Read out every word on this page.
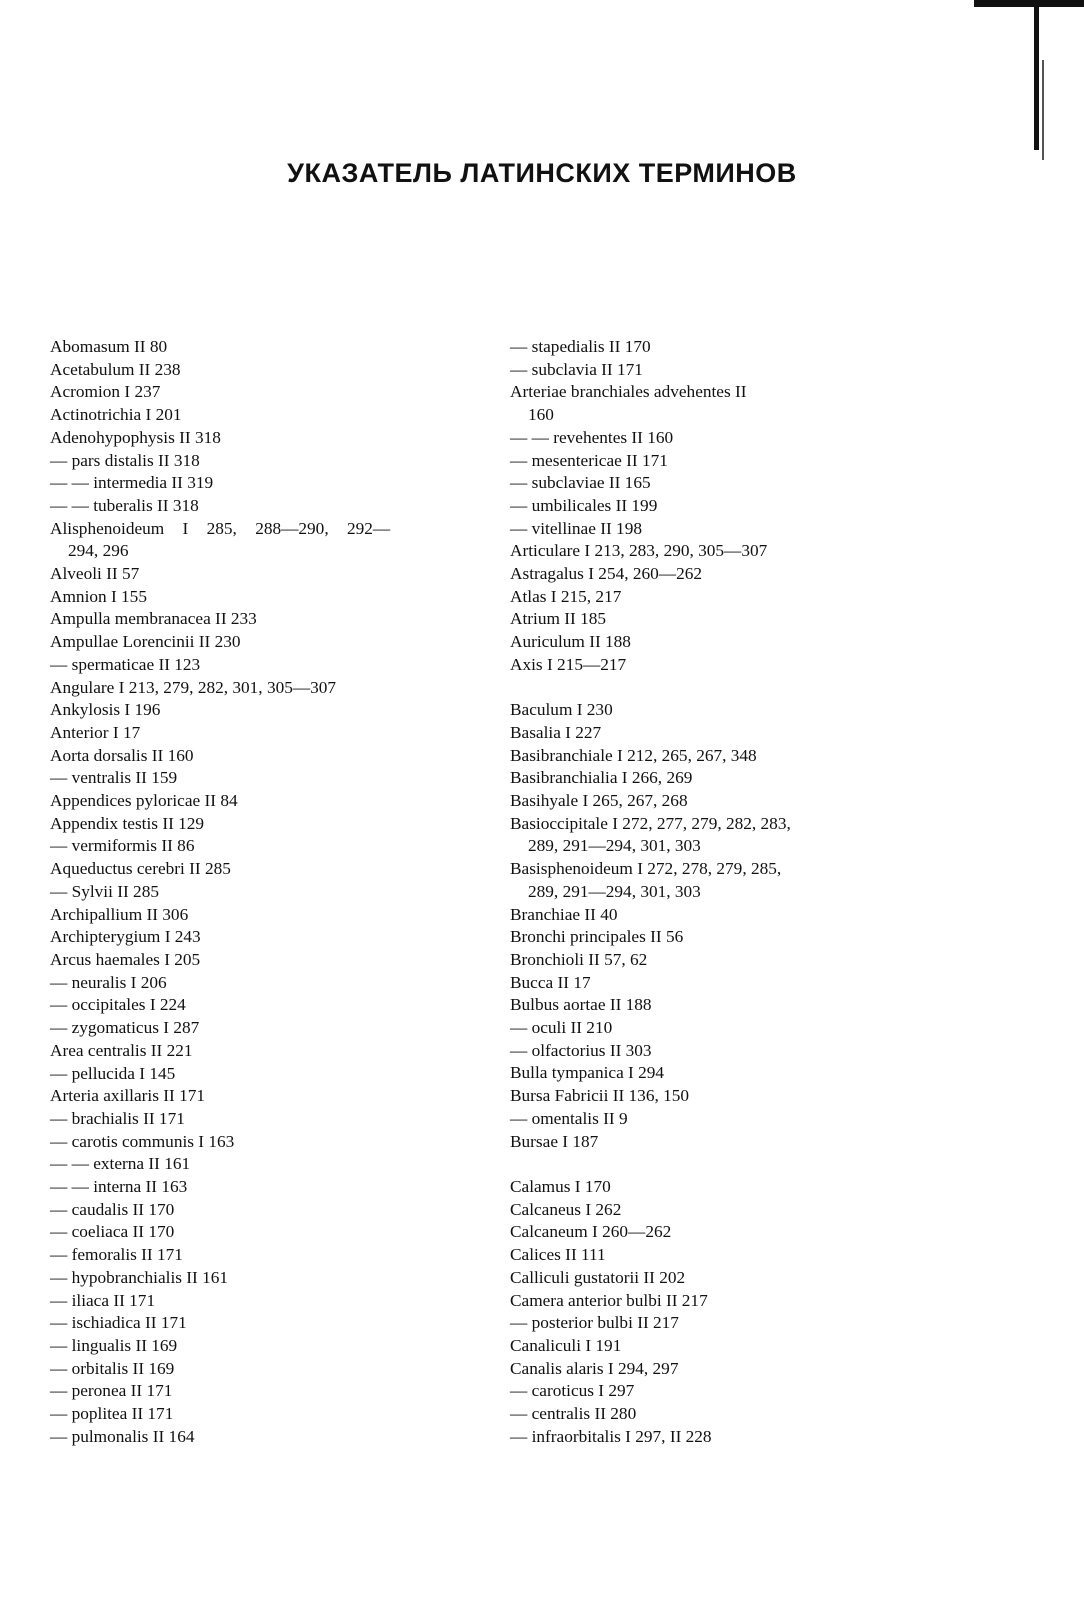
УКАЗАТЕЛЬ ЛАТИНСКИХ ТЕРМИНОВ
Abomasum II 80
Acetabulum II 238
Acromion I 237
Actinotrichia I 201
Adenohypophysis II 318
— pars distalis II 318
— — intermedia II 319
— — tuberalis II 318
Alisphenoideum I 285, 288—290, 292—
294, 296
Alveoli II 57
Amnion I 155
Ampulla membranacea II 233
Ampullae Lorencinii II 230
— spermaticae II 123
Angulare I 213, 279, 282, 301, 305—307
Ankylosis I 196
Anterior I 17
Aorta dorsalis II 160
— ventralis II 159
Appendices pyloricae II 84
Appendix testis II 129
— vermiformis II 86
Aqueductus cerebri II 285
— Sylvii II 285
Archipallium II 306
Archipterygium I 243
Arcus haemales I 205
— neuralis I 206
— occipitales I 224
— zygomaticus I 287
Area centralis II 221
— pellucida I 145
Arteria axillaris II 171
— brachialis II 171
— carotis communis I 163
— — externa II 161
— — interna II 163
— caudalis II 170
— coeliaca II 170
— femoralis II 171
— hypobranchialis II 161
— iliaca II 171
— ischiadica II 171
— lingualis II 169
— orbitalis II 169
— peronea II 171
— poplitea II 171
— pulmonalis II 164
— stapedialis II 170
— subclavia II 171
Arteriae branchiales advehentes II
160
— — revehentes II 160
— mesentericae II 171
— subclaviae II 165
— umbilicales II 199
— vitellinae II 198
Articulare I 213, 283, 290, 305—307
Astragalus I 254, 260—262
Atlas I 215, 217
Atrium II 185
Auriculum II 188
Axis I 215—217
Baculum I 230
Basalia I 227
Basibranchiale I 212, 265, 267, 348
Basibranchialia I 266, 269
Basihyale I 265, 267, 268
Basioccipitale I 272, 277, 279, 282, 283,
289, 291—294, 301, 303
Basisphenoideum I 272, 278, 279, 285,
289, 291—294, 301, 303
Branchiae II 40
Bronchi principales II 56
Bronchioli II 57, 62
Bucca II 17
Bulbus aortae II 188
— oculi II 210
— olfactorius II 303
Bulla tympanica I 294
Bursa Fabricii II 136, 150
— omentalis II 9
Bursae I 187
Calamus I 170
Calcaneus I 262
Calcaneum I 260—262
Calices II 111
Calliculi gustatorii II 202
Camera anterior bulbi II 217
— posterior bulbi II 217
Canaliculi I 191
Canalis alaris I 294, 297
— caroticus I 297
— centralis II 280
— infraorbitalis I 297, II 228
